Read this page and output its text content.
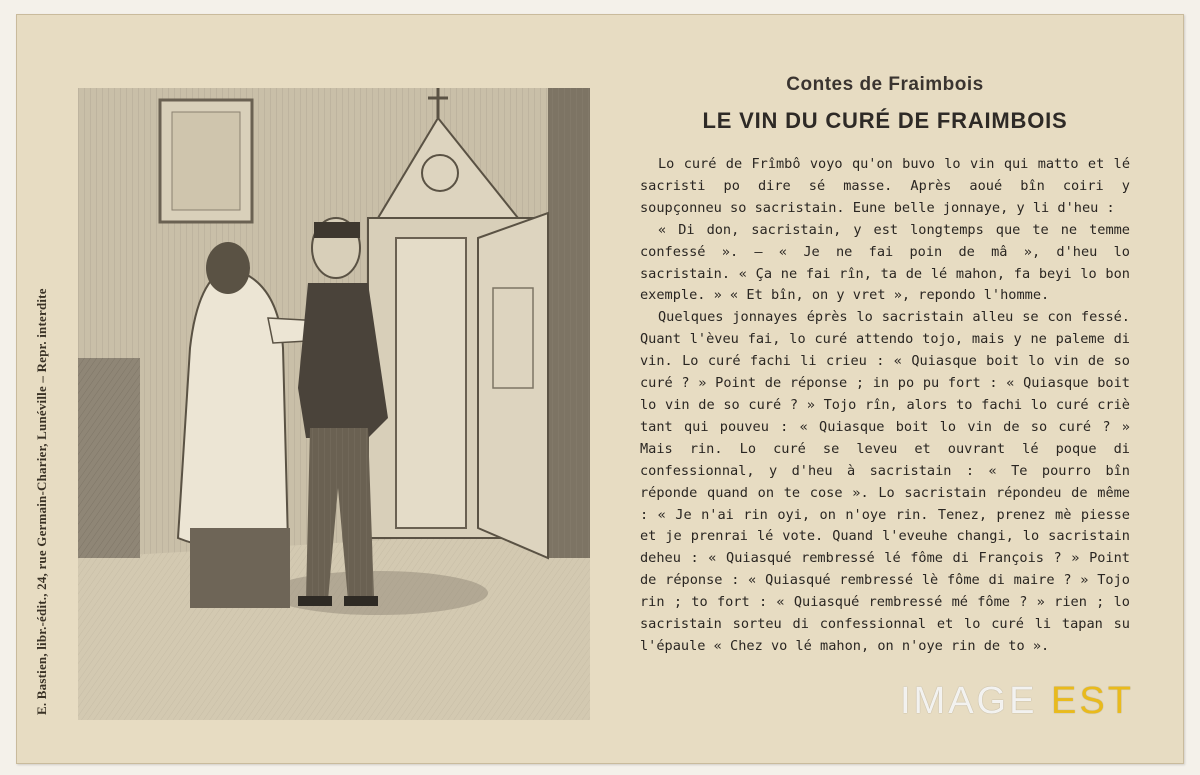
E. Bastien, libr.-édit., 24, rue Germain-Charier, Lunéville – Repr. interdite
Contes de Fraimbois
LE VIN DU CURÉ DE FRAIMBOIS

Lo curé de Frîmbô voyo qu'on buvo lo vin qui matto et lé sacristi po dire sé masse. Après aoué bîn coiri y soupçonneu so sacristain. Eune belle jonnaye, y li d'heu :

« Di don, sacristain, y est longtemps que te ne temme confessé ». — « Je ne fai poin de mâ », d'heu lo sacristain. « Ça ne fai rîn, ta de lé mahon, fa beyi lo bon exemple. » « Et bîn, on y vret », repondo l'homme.

Quelques jonnayes éprès lo sacristain alleu se con fessé. Quant l'èveu fai, lo curé attendo tojo, mais y ne paleme di vin. Lo curé fachi li crieu : « Quiasque boit lo vin de so curé ? » Point de réponse ; in po pu fort : « Quiasque boit lo vin de so curé ? » Tojo rîn, alors to fachi lo curé criè tant qui pouveu : « Quiasque boit lo vin de so curé ? » Mais rin. Lo curé se leveu et ouvrant lé poque di confessionnal, y d'heu à sacristain : « Te pourro bîn réponde quand on te cose ». Lo sacristain répondeu de même : « Je n'ai rin oyi, on n'oye rin. Tenez, prenez mè piesse et je prenrai lé vote. Quand l'eveuhe changi, lo sacristain deheu : « Quiasqué rembressé lé fôme di François ? » Point de réponse : « Quiasqué rembressé lè fôme di maire ? » Tojo rin ; to fort : « Quiasqué rembressé mé fôme ? » rien ; lo sacristain sorteu di confessionnal et lo curé li tapan su l'épaule « Chez vo lé mahon, on n'oye rin de to ».

IMAGE EST
